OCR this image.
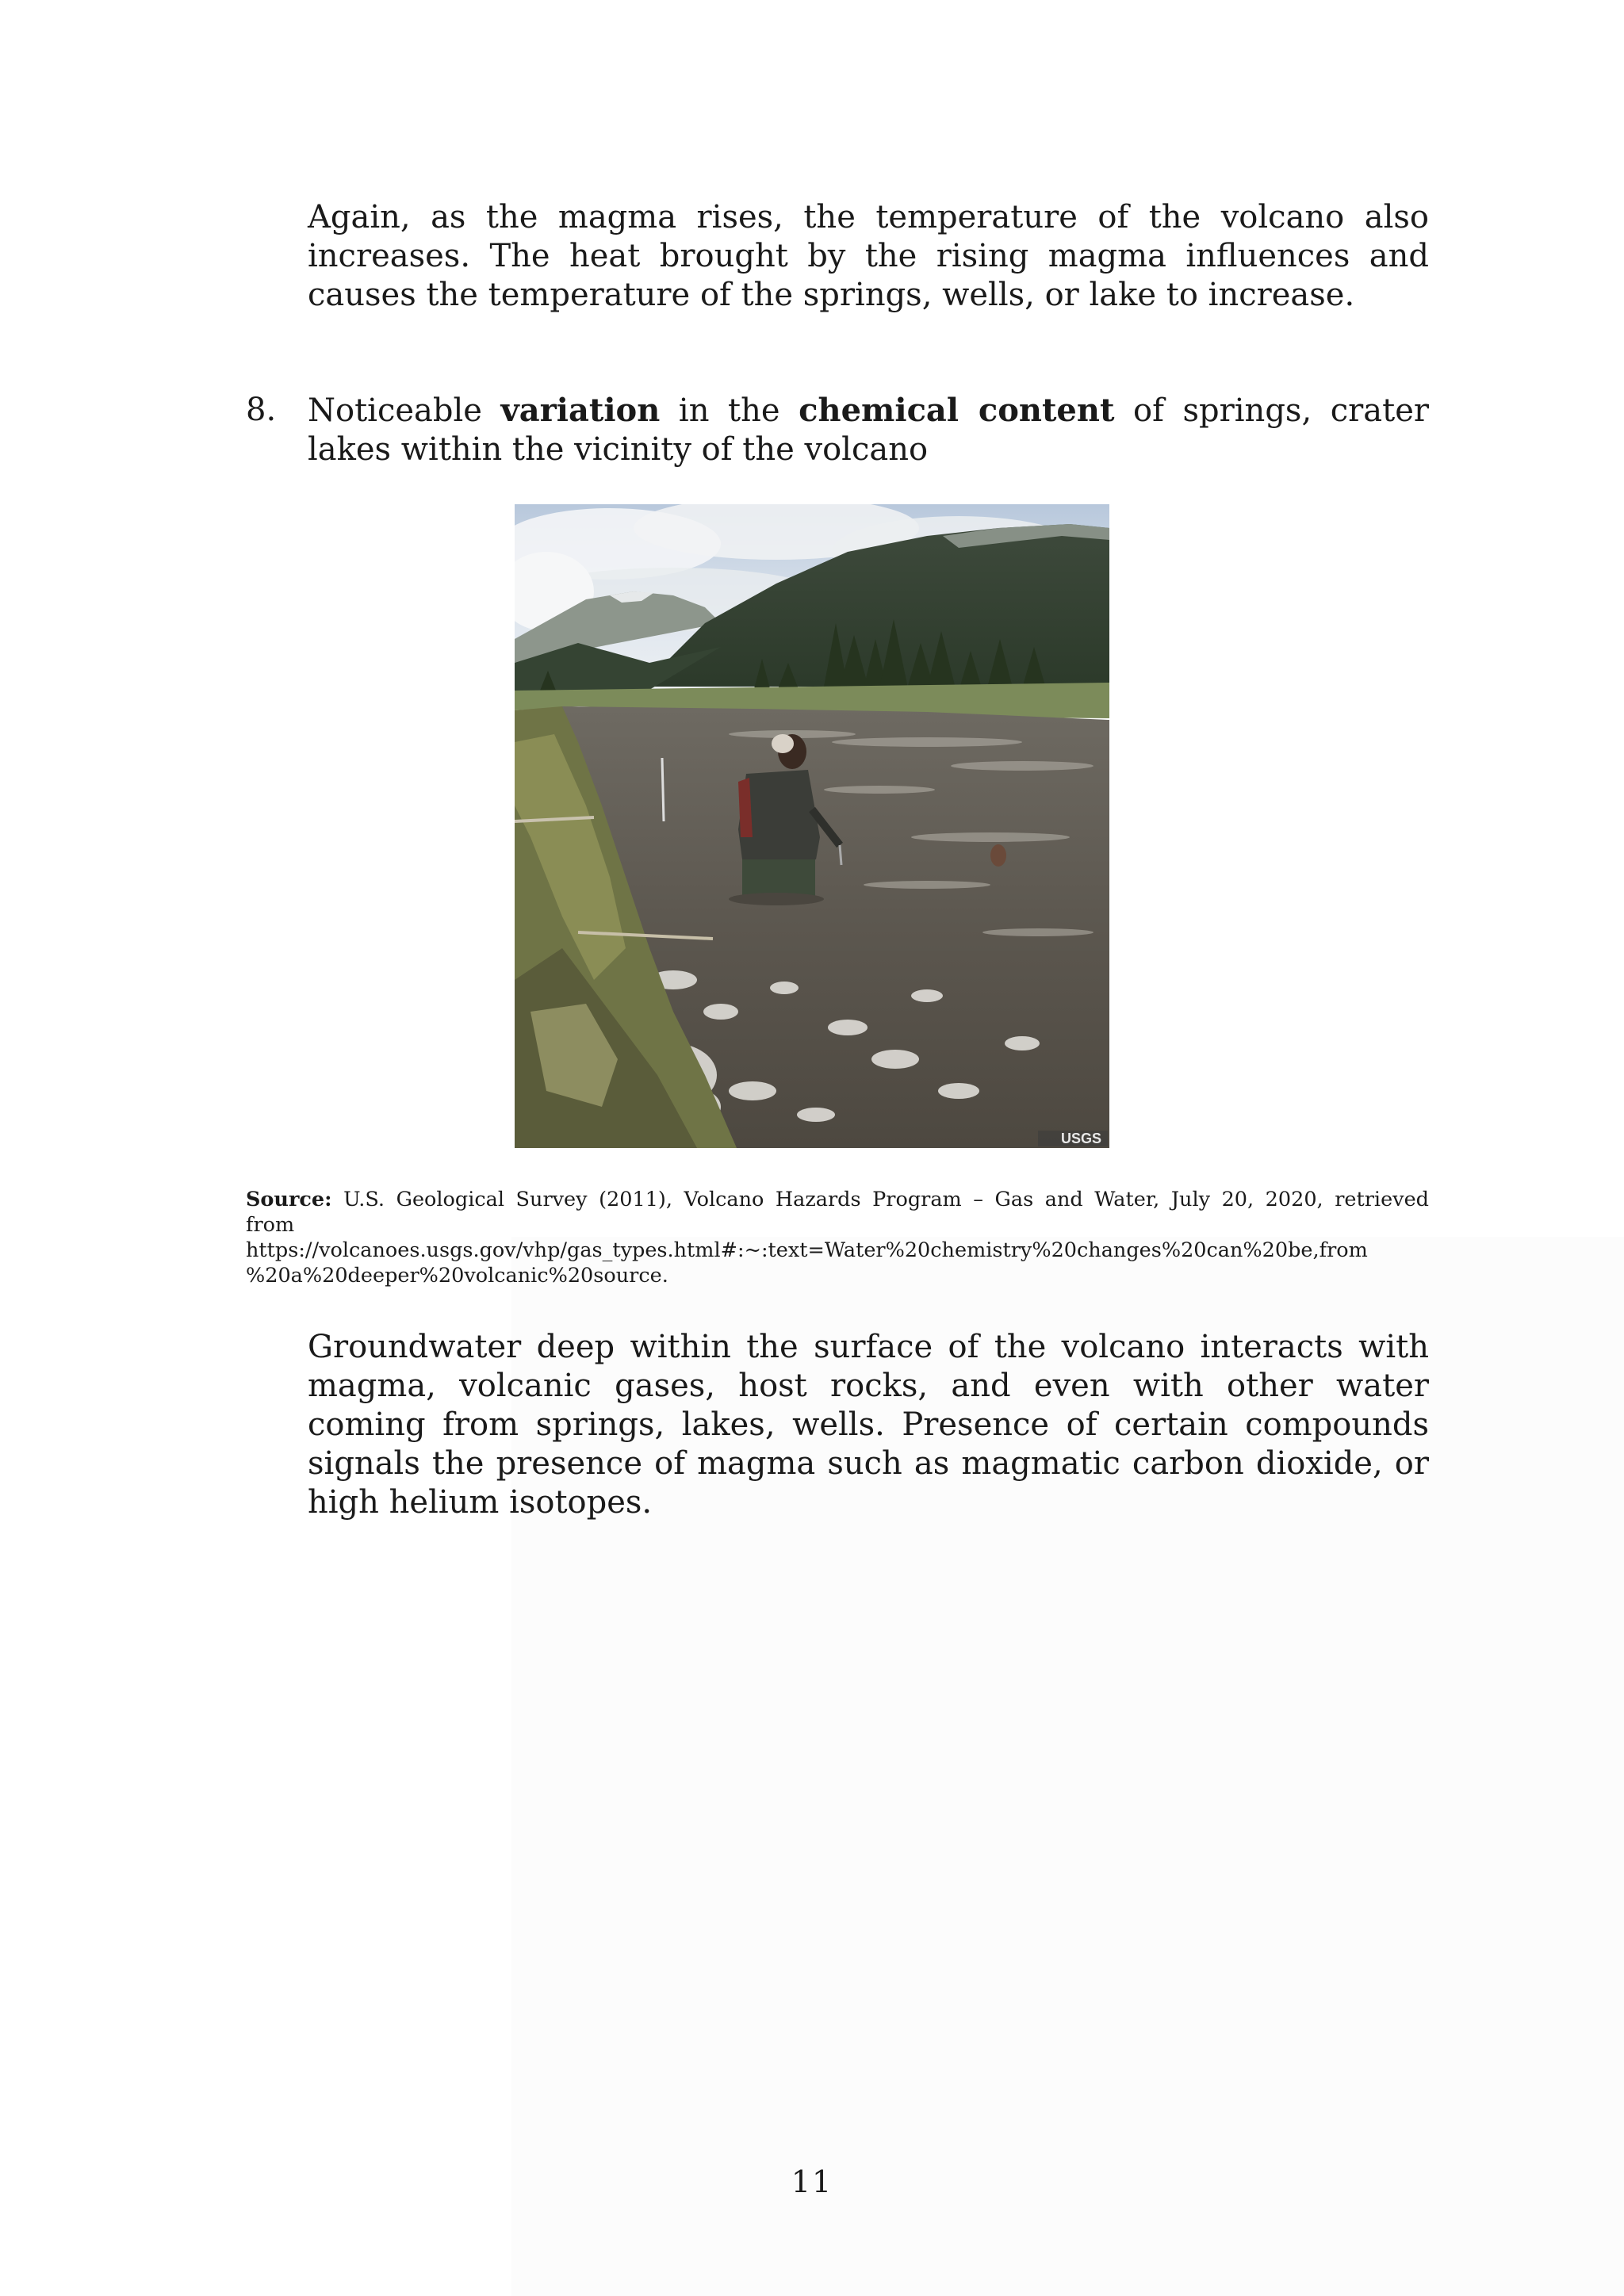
Again, as the magma rises, the temperature of the volcano also increases. The heat brought by the rising magma influences and causes the temperature of the springs, wells, or lake to increase.

8. Noticeable variation in the chemical content of springs, crater lakes within the vicinity of the volcano
USGS
Source: U.S. Geological Survey (2011), Volcano Hazards Program – Gas and Water, July 20, 2020, retrieved
from
https://volcanoes.usgs.gov/vhp/gas_types.html#:~:text=Water%20chemistry%20changes%20can%20be,from
%20a%20deeper%20volcanic%20source.

Groundwater deep within the surface of the volcano interacts with magma, volcanic gases, host rocks, and even with other water coming from springs, lakes, wells. Presence of certain compounds signals the presence of magma such as magmatic carbon dioxide, or high helium isotopes.

11
